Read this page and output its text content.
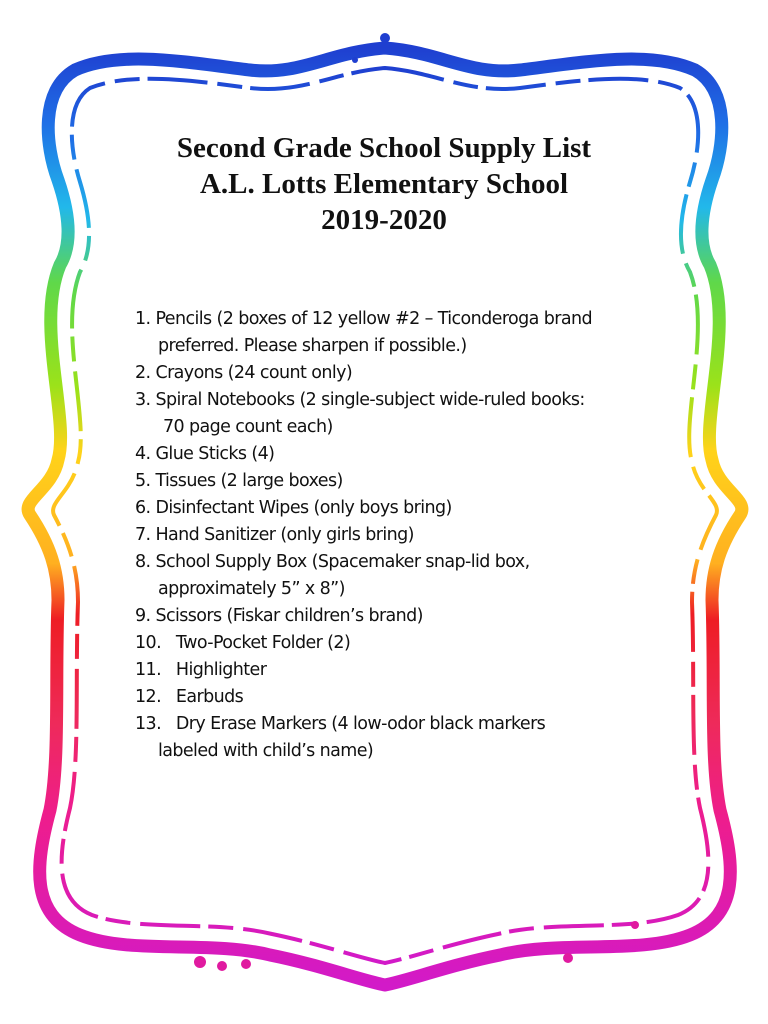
Second Grade School Supply List
A.L. Lotts Elementary School
2019-2020
1. Pencils (2 boxes of 12 yellow #2 – Ticonderoga brand
preferred. Please sharpen if possible.)
2. Crayons (24 count only)
3. Spiral Notebooks (2 single-subject wide-ruled books:
70 page count each)
4. Glue Sticks (4)
5. Tissues (2 large boxes)
6. Disinfectant Wipes (only boys bring)
7. Hand Sanitizer (only girls bring)
8. School Supply Box (Spacemaker snap-lid box,
approximately 5” x 8”)
9. Scissors (Fiskar children’s brand)
10. Two-Pocket Folder (2)
11. Highlighter
12. Earbuds
13. Dry Erase Markers (4 low-odor black markers
labeled with child’s name)
